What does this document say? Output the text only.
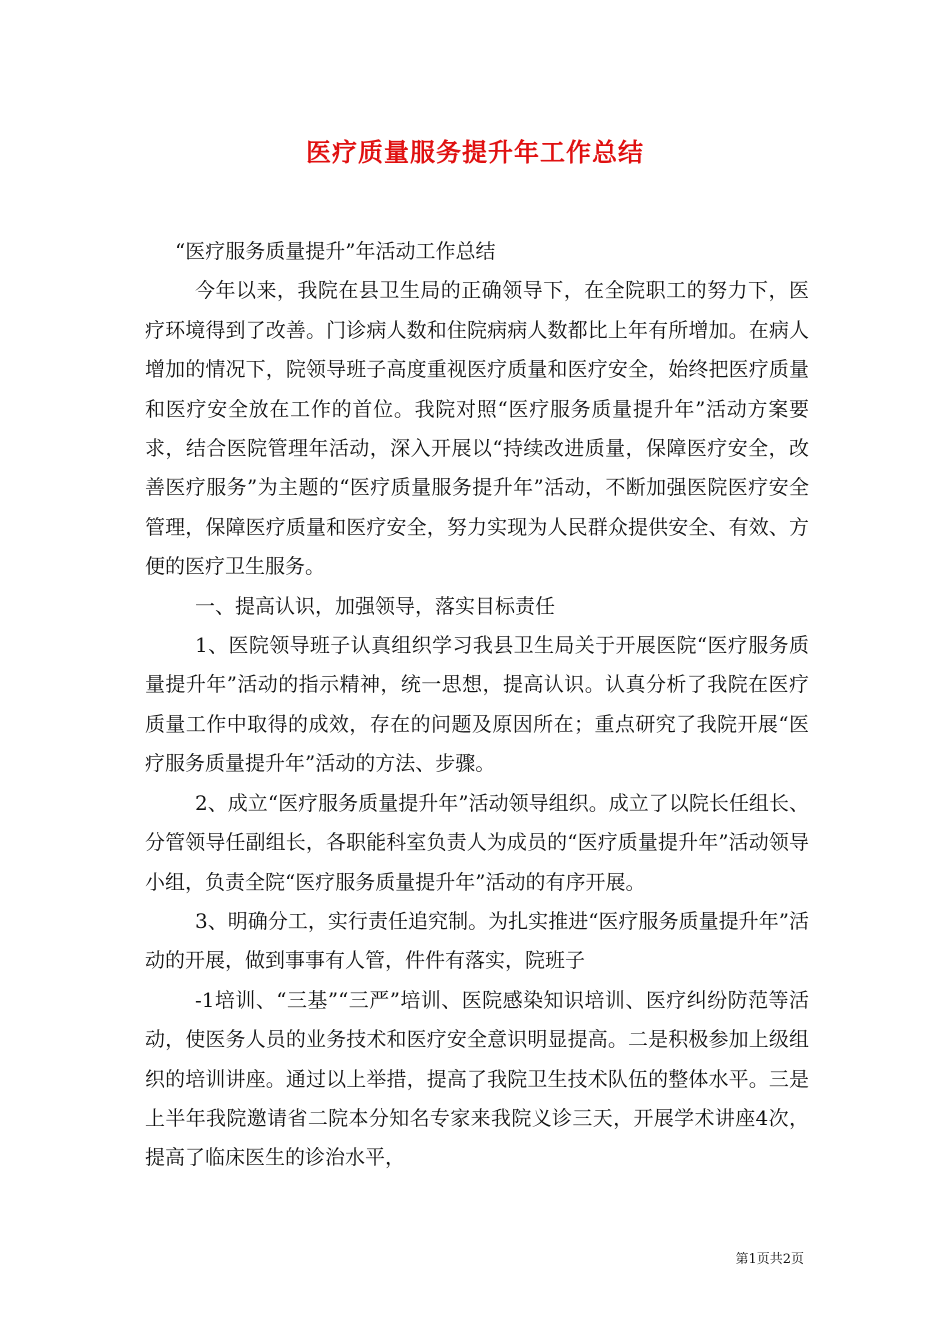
医疗质量服务提升年工作总结

“医疗服务质量提升”年活动工作总结

今年以来，我院在县卫生局的正确领导下，在全院职工的努力下，医疗环境得到了改善。门诊病人数和住院病病人数都比上年有所增加。在病人增加的情况下，院领导班子高度重视医疗质量和医疗安全，始终把医疗质量和医疗安全放在工作的首位。我院对照“医疗服务质量提升年”活动方案要求，结合医院管理年活动，深入开展以“持续改进质量，保障医疗安全，改善医疗服务”为主题的“医疗质量服务提升年”活动，不断加强医院医疗安全管理，保障医疗质量和医疗安全，努力实现为人民群众提供安全、有效、方便的医疗卫生服务。

一、提高认识，加强领导，落实目标责任

1、医院领导班子认真组织学习我县卫生局关于开展医院“医疗服务质量提升年”活动的指示精神，统一思想，提高认识。认真分析了我院在医疗质量工作中取得的成效，存在的问题及原因所在；重点研究了我院开展“医疗服务质量提升年”活动的方法、步骤。

2、成立“医疗服务质量提升年”活动领导组织。成立了以院长任组长、分管领导任副组长，各职能科室负责人为成员的“医疗质量提升年”活动领导小组，负责全院“医疗服务质量提升年”活动的有序开展。

3、明确分工，实行责任追究制。为扎实推进“医疗服务质量提升年”活动的开展，做到事事有人管，件件有落实，院班子

-1培训、“三基”“三严”培训、医院感染知识培训、医疗纠纷防范等活动，使医务人员的业务技术和医疗安全意识明显提高。二是积极参加上级组织的培训讲座。通过以上举措，提高了我院卫生技术队伍的整体水平。三是上半年我院邀请省二院本分知名专家来我院义诊三天，开展学术讲座4次，提高了临床医生的诊治水平，

第1页共2页
